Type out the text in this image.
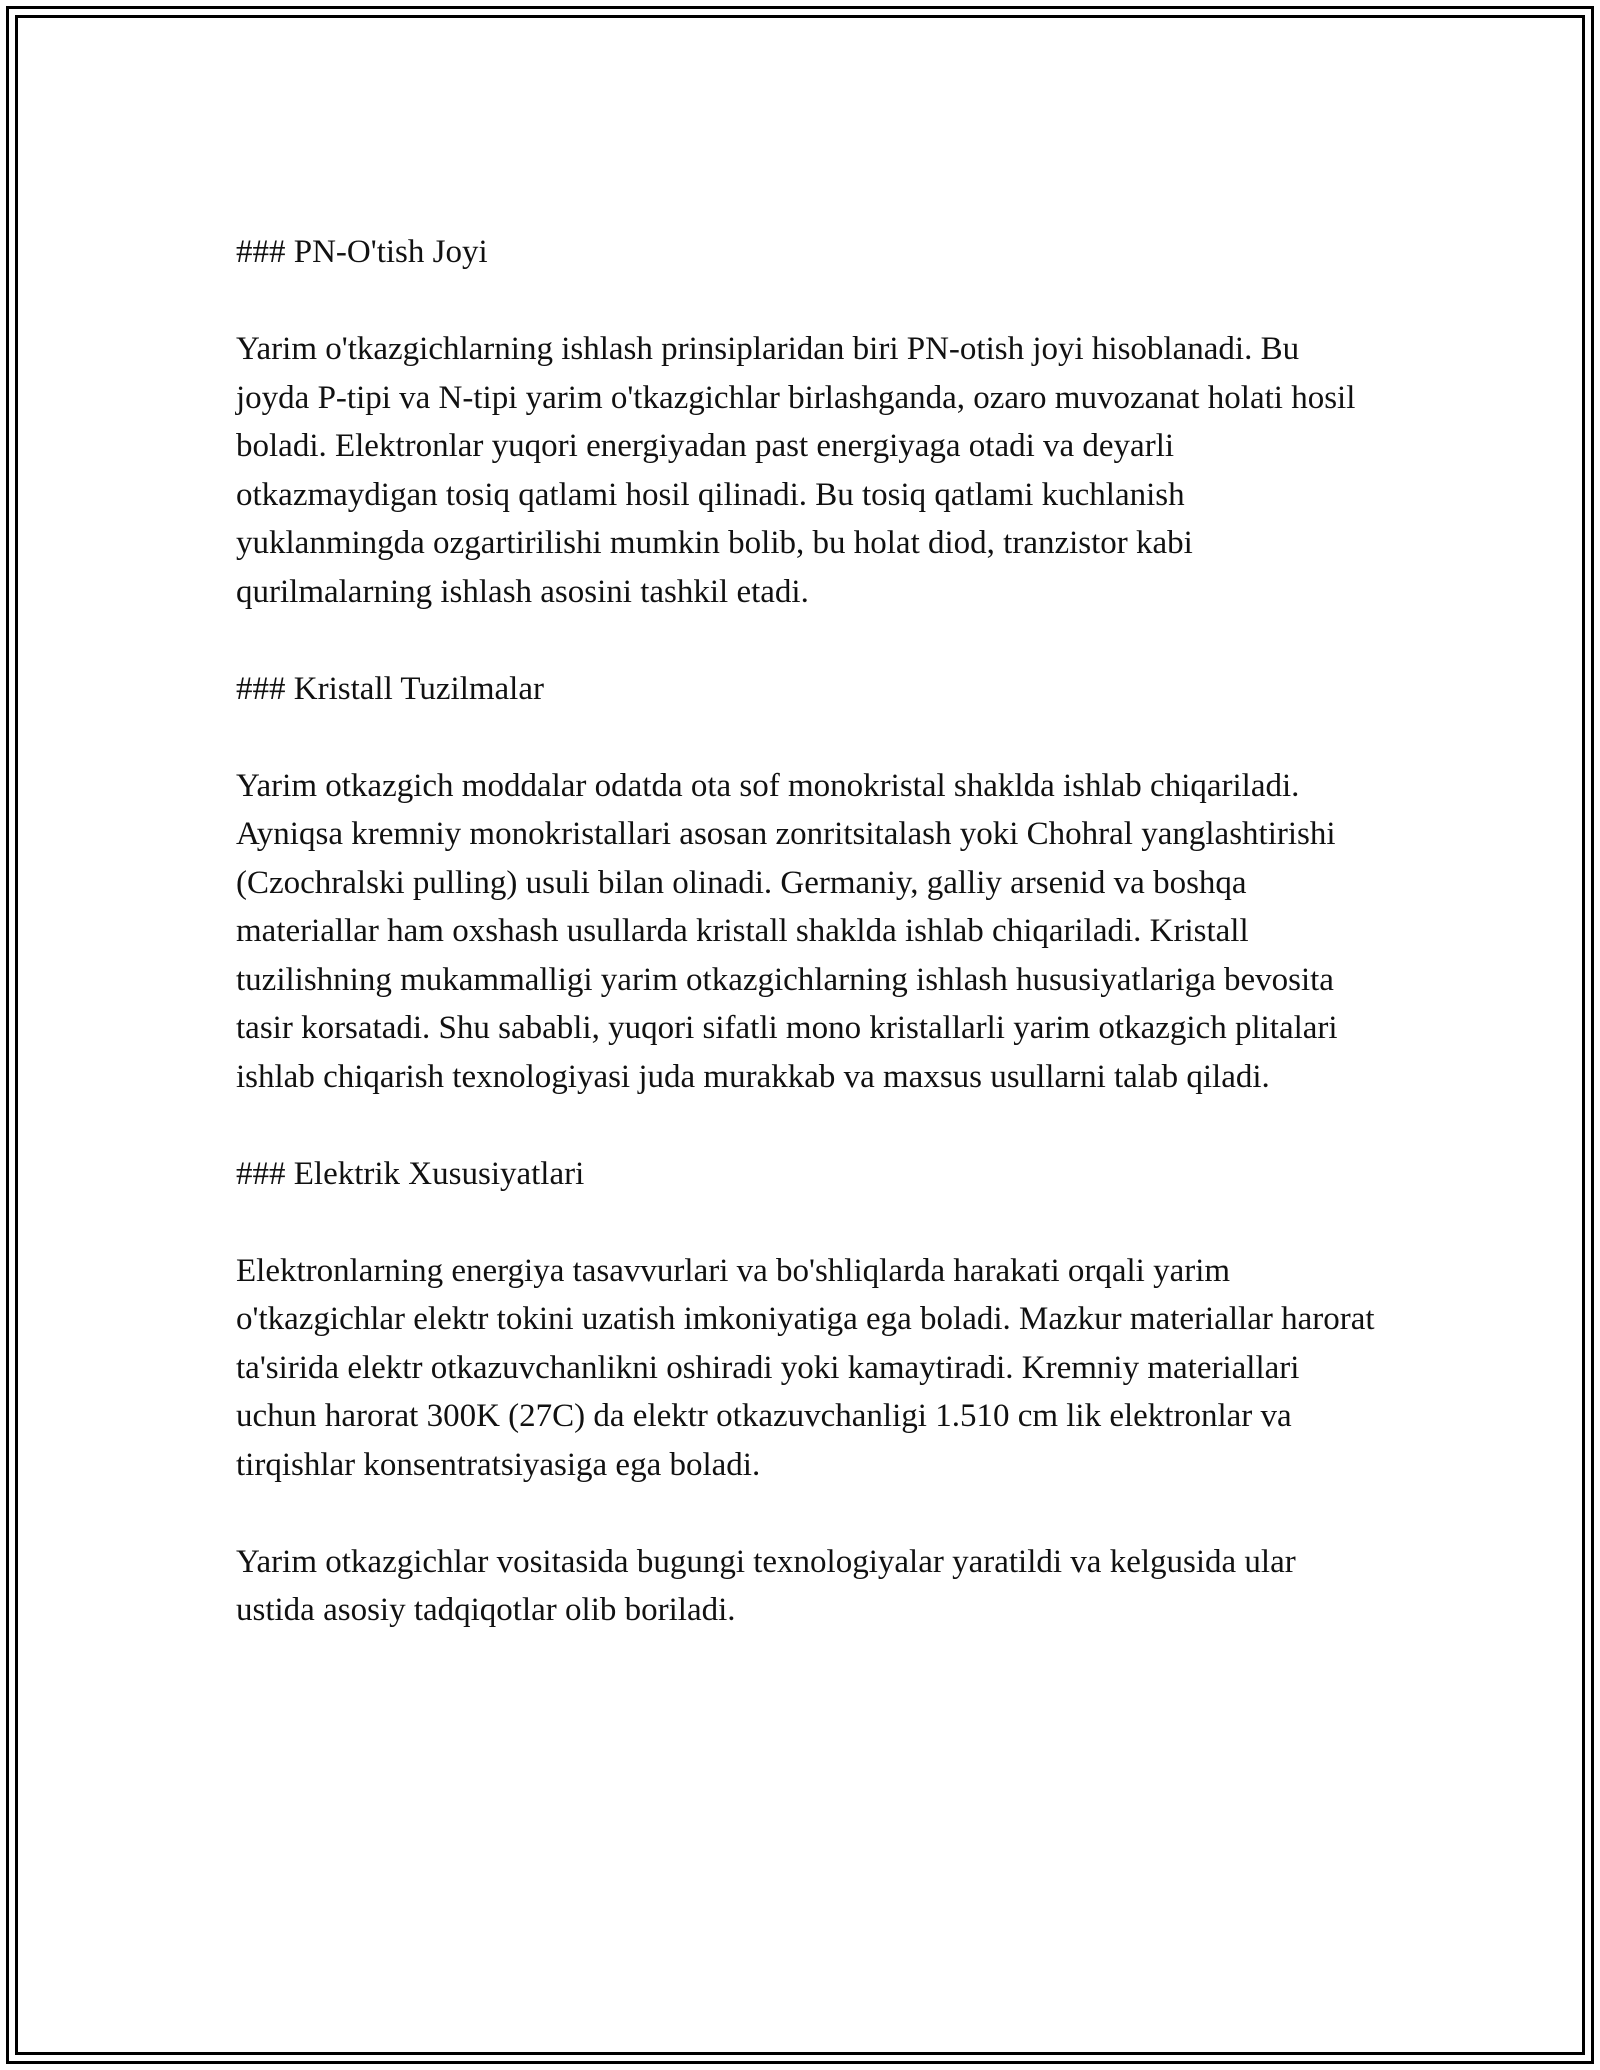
### PN-O'tish Joyi

Yarim o'tkazgichlarning ishlash prinsiplaridan biri PN-otish joyi hisoblanadi. Bu joyda P-tipi va N-tipi yarim o'tkazgichlar birlashganda, ozaro muvozanat holati hosil boladi. Elektronlar yuqori energiyadan past energiyaga otadi va deyarli otkazmaydigan tosiq qatlami hosil qilinadi. Bu tosiq qatlami kuchlanish yuklanmingda ozgartirilishi mumkin bolib, bu holat diod, tranzistor kabi qurilmalarning ishlash asosini tashkil etadi.

### Kristall Tuzilmalar

Yarim otkazgich moddalar odatda ota sof monokristal shaklda ishlab chiqariladi. Ayniqsa kremniy monokristallari asosan zonritsitalash yoki Chohral yanglashtirishi (Czochralski pulling) usuli bilan olinadi. Germaniy, galliy arsenid va boshqa materiallar ham oxshash usullarda kristall shaklda ishlab chiqariladi. Kristall tuzilishning mukammalligi yarim otkazgichlarning ishlash hususiyatlariga bevosita tasir korsatadi. Shu sababli, yuqori sifatli mono kristallarli yarim otkazgich plitalari ishlab chiqarish texnologiyasi juda murakkab va maxsus usullarni talab qiladi.

### Elektrik Xususiyatlari

Elektronlarning energiya tasavvurlari va bo'shliqlarda harakati orqali yarim o'tkazgichlar elektr tokini uzatish imkoniyatiga ega boladi. Mazkur materiallar harorat ta'sirida elektr otkazuvchanlikni oshiradi yoki kamaytiradi. Kremniy materiallari uchun harorat 300K (27C) da elektr otkazuvchanligi 1.510 cm lik elektronlar va tirqishlar konsentratsiyasiga ega boladi.

Yarim otkazgichlar vositasida bugungi texnologiyalar yaratildi va kelgusida ular ustida asosiy tadqiqotlar olib boriladi.
